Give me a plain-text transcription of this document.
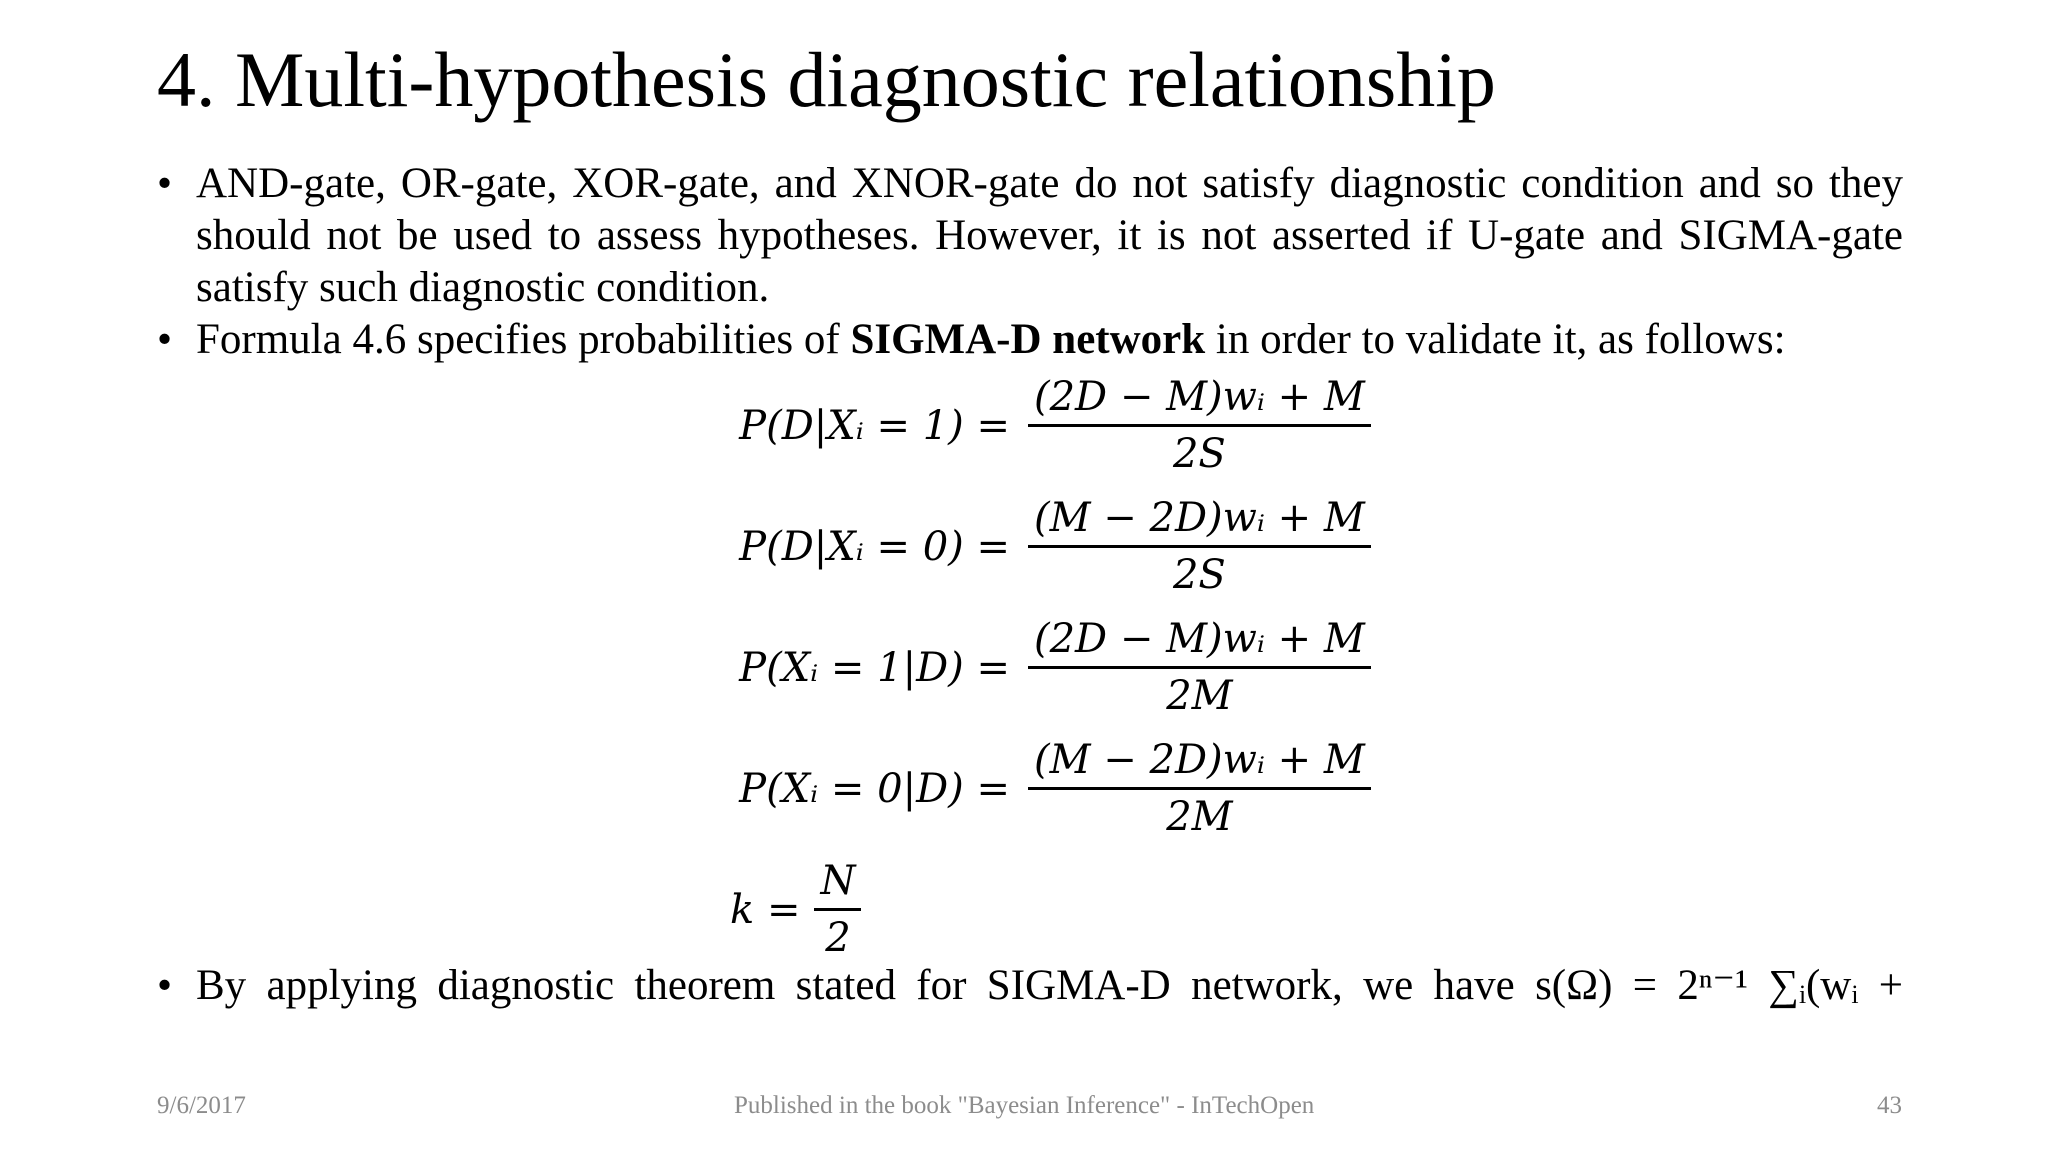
4. Multi-hypothesis diagnostic relationship
• AND-gate, OR-gate, XOR-gate, and XNOR-gate do not satisfy diagnostic condition and so they should not be used to assess hypotheses. However, it is not asserted if U-gate and SIGMA-gate satisfy such diagnostic condition.
• Formula 4.6 specifies probabilities of SIGMA-D network in order to validate it, as follows:
P(D|Xᵢ = $1) = \frac{\text{(2D − M)wᵢ + M}}{2S}$
P(D|Xᵢ = $0) = \frac{\text{(M − 2D)wᵢ + M}}{2S}$
P(Xᵢ = $1|D) = \frac{\text{(2D − M)wᵢ + M}}{2M}$
P(Xᵢ = $0|D) = \frac{\text{(M − 2D)wᵢ + M}}{2M}$
$k = \frac{N}{2}$
• By applying diagnostic theorem stated for SIGMA-D network, we have s(Ω) = 2ⁿ⁻¹ ∑ᵢ(wᵢ +
9/6/2017	Published in the book "Bayesian Inference" - InTechOpen	43
